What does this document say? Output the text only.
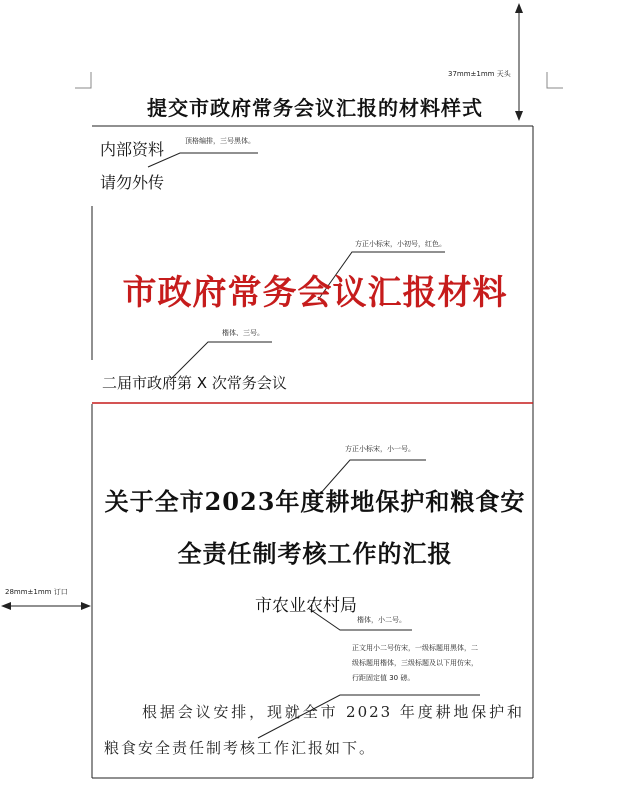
37mm±1mm 天头
提交市政府常务会议汇报的材料样式
内部资料
请勿外传
顶格编排，三号黑体。
方正小标宋，小初号，红色。
市政府常务会议汇报材料
楷体、三号。
二届市政府第 X 次常务会议
方正小标宋，小一号。
关于全市2023年度耕地保护和粮食安全责任制考核工作的汇报
28mm±1mm 订口
市农业农村局
楷体，小二号。
正文用小二号仿宋，一级标题用黑体，二级标题用楷体，三级标题及以下用仿宋，行距固定值 30 磅。
根据会议安排，现就全市 2023 年度耕地保护和粮食安全责任制考核工作汇报如下。
